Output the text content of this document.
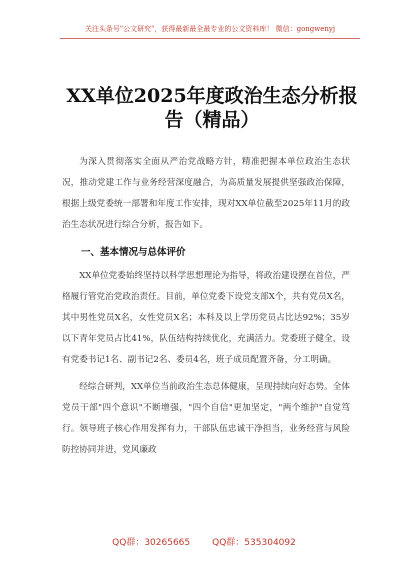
关注头条号"公文研究"，获得最新最全最专业的公文资料库！ 微信：gongwenyj
XX单位2025年度政治生态分析报告（精品）

为深入贯彻落实全面从严治党战略方针，精准把握本单位政治生态状况，推动党建工作与业务经营深度融合，为高质量发展提供坚强政治保障，根据上级党委统一部署和年度工作安排，现对XX单位截至2025年11月的政治生态状况进行综合分析，报告如下。

一、基本情况与总体评价

XX单位党委始终坚持以科学思想理论为指导，将政治建设摆在首位，严格履行管党治党政治责任。目前，单位党委下设党支部X个，共有党员X名，其中男性党员X名，女性党员X名；本科及以上学历党员占比达92%；35岁以下青年党员占比41%，队伍结构持续优化，充满活力。党委班子健全，设有党委书记1名、副书记2名、委员4名，班子成员配置齐备，分工明确。

经综合研判，XX单位当前政治生态总体健康，呈现持续向好态势。全体党员干部"四个意识"不断增强，"四个自信"更加坚定，"两个维护"自觉笃行。领导班子核心作用发挥有力，干部队伍忠诚干净担当，业务经营与风险防控协同并进，党风廉政

QQ群：30265665 QQ群：535304092
